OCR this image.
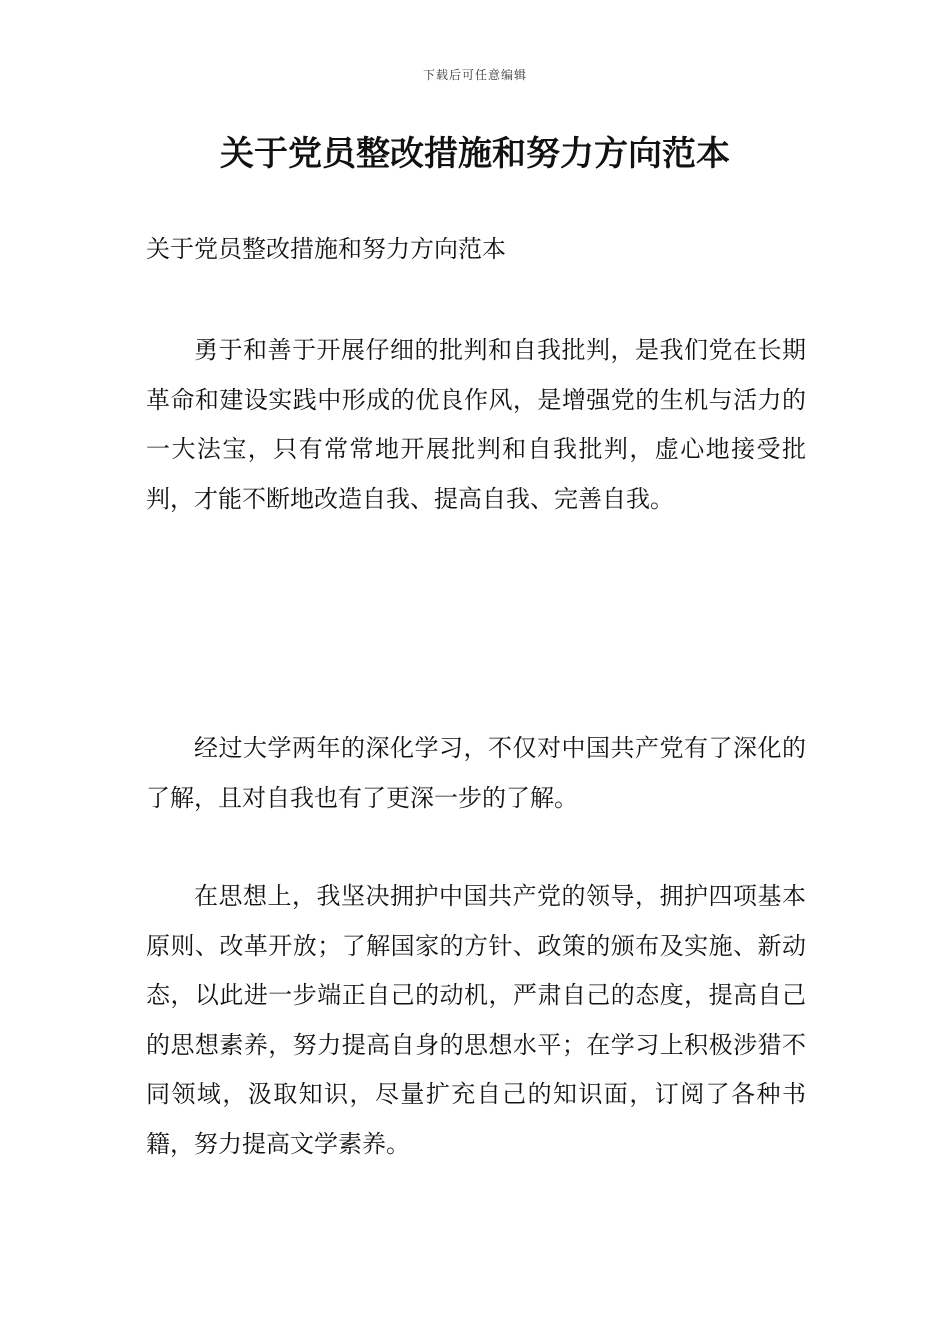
下载后可任意编辑
关于党员整改措施和努力方向范本

关于党员整改措施和努力方向范本

勇于和善于开展仔细的批判和自我批判，是我们党在长期革命和建设实践中形成的优良作风，是增强党的生机与活力的一大法宝，只有常常地开展批判和自我批判，虚心地接受批判，才能不断地改造自我、提高自我、完善自我。

经过大学两年的深化学习，不仅对中国共产党有了深化的了解，且对自我也有了更深一步的了解。

在思想上，我坚决拥护中国共产党的领导，拥护四项基本原则、改革开放；了解国家的方针、政策的颁布及实施、新动态，以此进一步端正自己的动机，严肃自己的态度，提高自己的思想素养，努力提高自身的思想水平；在学习上积极涉猎不同领域，汲取知识，尽量扩充自己的知识面，订阅了各种书籍，努力提高文学素养。
